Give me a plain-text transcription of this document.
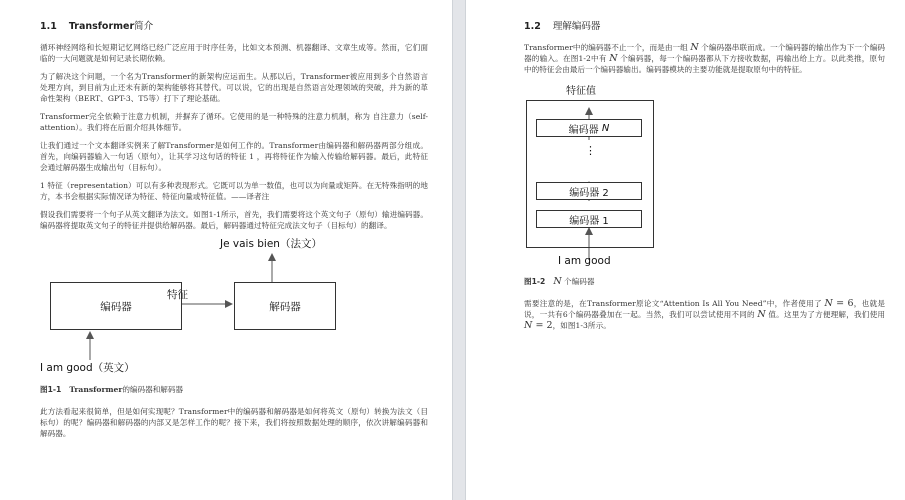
1.1 Transformer简介

循环神经网络和长短期记忆网络已经广泛应用于时序任务，比如文本预测、机器翻译、文章生成等。然而，它们面临的一大问题就是如何记录长期依赖。

为了解决这个问题，一个名为Transformer的新架构应运而生。从那以后，Transformer被应用到多个自然语言处理方向，到目前为止还未有新的架构能够将其替代。可以说，它的出现是自然语言处理领域的突破，并为新的革命性架构（BERT、GPT-3、T5等）打下了理论基础。

Transformer完全依赖于注意力机制，并摒弃了循环。它使用的是一种特殊的注意力机制，称为 自注意力（self-attention）。我们将在后面介绍具体细节。

让我们通过一个文本翻译实例来了解Transformer是如何工作的。Transformer由编码器和解码器两部分组成。首先，向编码器输入一句话（原句），让其学习这句话的特征 1 ，再将特征作为输入传输给解码器。最后，此特征会通过解码器生成输出句（目标句）。

1 特征（representation）可以有多种表现形式。它既可以为单一数值，也可以为向量或矩阵。在无特殊指明的地方，本书会根据实际情况译为特征、特征向量或特征值。——译者注

假设我们需要将一个句子从英文翻译为法文。如图1-1所示，首先，我们需要将这个英文句子（原句）输进编码器。编码器将提取英文句子的特征并提供给解码器。最后，解码器通过特征完成法文句子（目标句）的翻译。

Je vais bien（法文）
编码器
特征
解码器
I am good（英文）
图1-1 Transformer的编码器和解码器

此方法看起来很简单，但是如何实现呢？Transformer中的编码器和解码器是如何将英文（原句）转换为法文（目标句）的呢？编码器和解码器的内部又是怎样工作的呢？接下来，我们将按照数据处理的顺序，依次讲解编码器和解码器。

1.2 理解编码器

Transformer中的编码器不止一个，而是由一组 N 个编码器串联而成。一个编码器的输出作为下一个编码器的输入。在图1-2中有 N 个编码器，每一个编码器都从下方接收数据，再输出给上方。以此类推，原句中的特征会由最后一个编码器输出。编码器模块的主要功能就是提取原句中的特征。

特征值
编码器 N
⋮
编码器 2
编码器 1
I am good
图1-2 N 个编码器

需要注意的是，在Transformer原论文“Attention Is All You Need”中，作者使用了 N = 6，也就是说，一共有6个编码器叠加在一起。当然，我们可以尝试使用不同的 N 值。这里为了方便理解，我们使用 N = 2，如图1-3所示。
